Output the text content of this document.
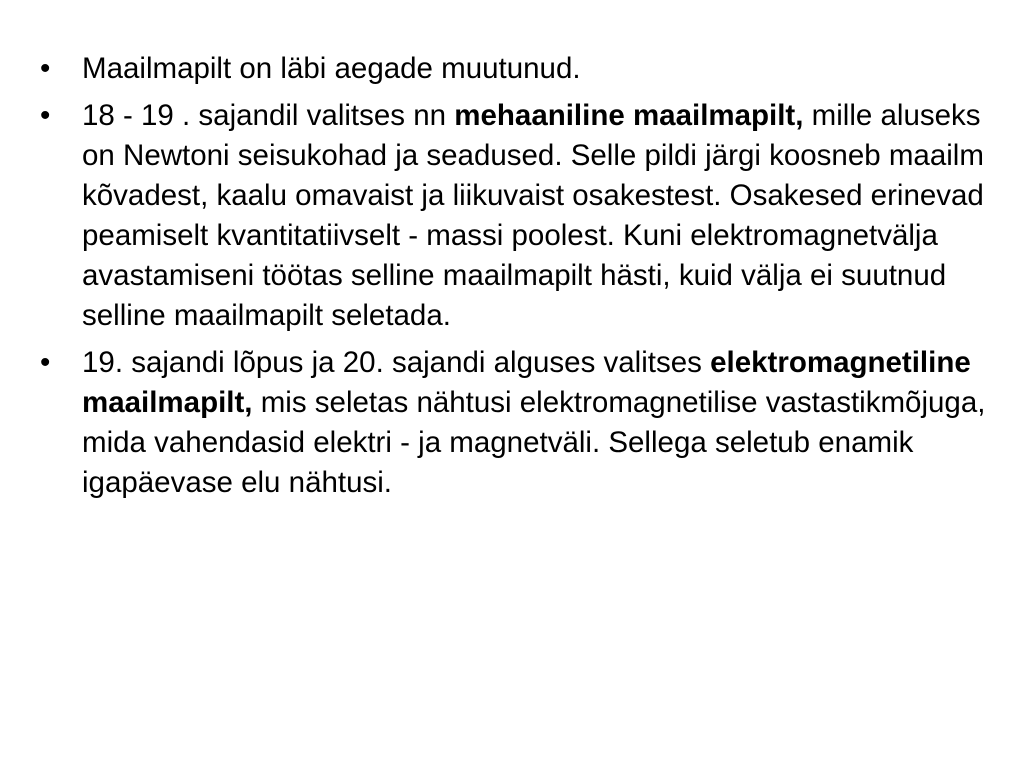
•	Maailmapilt on läbi aegade muutunud.
•	18 - 19 . sajandil valitses nn mehaaniline maailmapilt, mille aluseks on Newtoni seisukohad ja seadused. Selle pildi järgi koosneb maailm kõvadest, kaalu omavaist ja liikuvaist osakestest. Osakesed erinevad peamiselt kvantitatiivselt - massi poolest. Kuni elektromagnetvälja avastamiseni töötas selline maailmapilt hästi, kuid välja ei suutnud selline maailmapilt seletada.
•	19. sajandi lõpus ja 20. sajandi alguses valitses elektromagnetiline maailmapilt, mis seletas nähtusi elektromagnetilise vastastikmõjuga, mida vahendasid elektri - ja magnetväli. Sellega seletub enamik igapäevase elu nähtusi.
